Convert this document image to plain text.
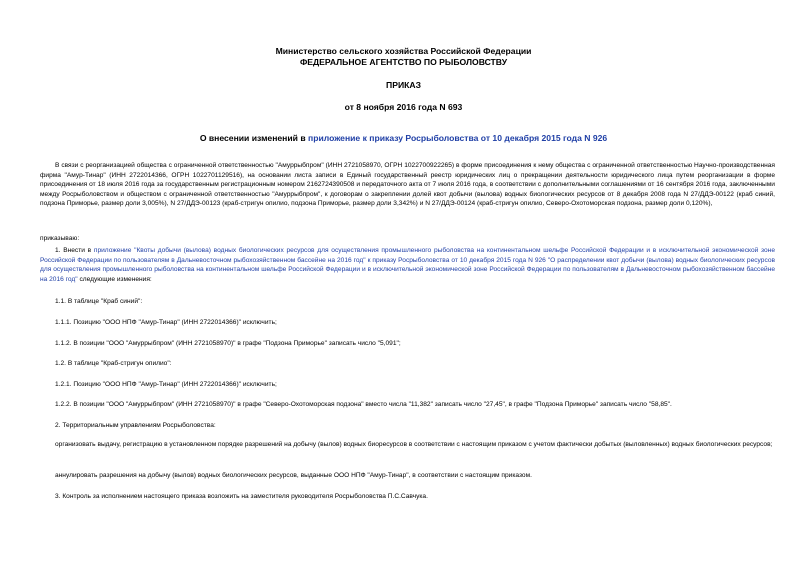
Министерство сельского хозяйства Российской Федерации
ФЕДЕРАЛЬНОЕ АГЕНТСТВО ПО РЫБОЛОВСТВУ
ПРИКАЗ
от 8 ноября 2016 года N 693
О внесении изменений в приложение к приказу Росрыболовства от 10 декабря 2015 года N 926
В связи с реорганизацией общества с ограниченной ответственностью "Амуррыбпром" (ИНН 2721058970, ОГРН 1022700922265) в форме присоединения к нему общества с ограниченной ответственностью Научно-производственная фирма "Амур-Тинар" (ИНН 2722014366, ОГРН 1022701129516), на основании листа записи в Единый государственный реестр юридических лиц о прекращении деятельности юридического лица путем реорганизации в форме присоединения от 18 июля 2016 года за государственным регистрационным номером 2162724390508 и передаточного акта от 7 июля 2016 года, в соответствии с дополнительными соглашениями от 16 сентября 2016 года, заключенными между Росрыболовством и обществом с ограниченной ответственностью "Амуррыбпром", к договорам о закреплении долей квот добычи (вылова) водных биологических ресурсов от 8 декабря 2008 года N 27/ДДЭ-00122 (краб синий, подзона Приморье, размер доли 3,005%), N 27/ДДЭ-00123 (краб-стригун опилио, подзона Приморье, размер доли 3,342%) и N 27/ДДЭ-00124 (краб-стригун опилио, Северо-Охотоморская подзона, размер доли 0,120%),
приказываю:
1. Внести в приложение "Квоты добычи (вылова) водных биологических ресурсов для осуществления промышленного рыболовства на континентальном шельфе Российской Федерации и в исключительной экономической зоне Российской Федерации по пользователям в Дальневосточном рыбохозяйственном бассейне на 2016 год" к приказу Росрыболовства от 10 декабря 2015 года N 926 "О распределении квот добычи (вылова) водных биологических ресурсов для осуществления промышленного рыболовства на континентальном шельфе Российской Федерации и в исключительной экономической зоне Российской Федерации по пользователям в Дальневосточном рыбохозяйственном бассейне на 2016 год" следующие изменения:
1.1. В таблице "Краб синий":
1.1.1. Позицию "ООО НПФ "Амур-Тинар" (ИНН 2722014366)" исключить;
1.1.2. В позиции "ООО "Амуррыбпром" (ИНН 2721058970)" в графе "Подзона Приморье" записать число "5,091";
1.2. В таблице "Краб-стригун опилио":
1.2.1. Позицию "ООО НПФ "Амур-Тинар" (ИНН 2722014366)" исключить;
1.2.2. В позиции "ООО "Амуррыбпром" (ИНН 2721058970)" в графе "Северо-Охотоморская подзона" вместо числа "11,382" записать число "27,45", в графе "Подзона Приморье" записать число "58,85".
2. Территориальным управлениям Росрыболовства:
организовать выдачу, регистрацию в установленном порядке разрешений на добычу (вылов) водных биоресурсов в соответствии с настоящим приказом с учетом фактически добытых (выловленных) водных биологических ресурсов;
аннулировать разрешения на добычу (вылов) водных биологических ресурсов, выданные ООО НПФ "Амур-Тинар", в соответствии с настоящим приказом.
3. Контроль за исполнением настоящего приказа возложить на заместителя руководителя Росрыболовства П.С.Савчука.
